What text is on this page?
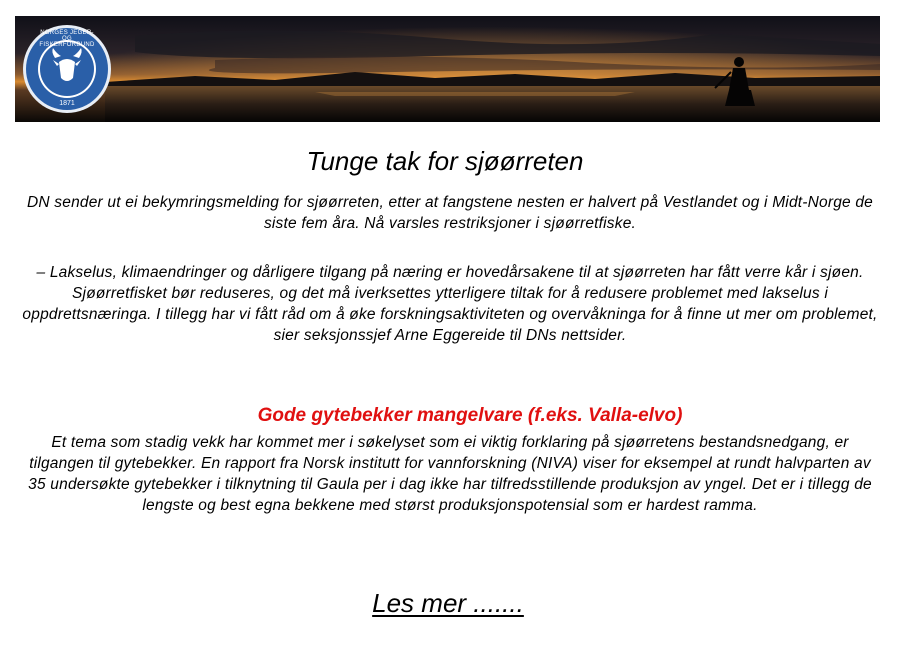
NORGES JEGER- OG FISKERFORBUND
1871
Tunge tak for sjøørreten

DN sender ut ei bekymringsmelding for sjøørreten, etter at fangstene nesten er halvert på Vestlandet og i Midt-Norge de siste fem åra. Nå varsles restriksjoner i sjøørretfiske.

– Lakselus, klimaendringer og dårligere tilgang på næring er hovedårsakene til at sjøørreten har fått verre kår i sjøen. Sjøørretfisket bør reduseres, og det må iverksettes ytterligere tiltak for å redusere problemet med lakselus i oppdrettsnæringa. I tillegg har vi fått råd om å øke forskningsaktiviteten og overvåkninga for å finne ut mer om problemet, sier seksjonssjef Arne Eggereide til DNs nettsider.

Gode gytebekker mangelvare (f.eks. Valla-elvo)

Et tema som stadig vekk har kommet mer i søkelyset som ei viktig forklaring på sjøørretens bestandsnedgang, er tilgangen til gytebekker. En rapport fra Norsk institutt for vannforskning (NIVA) viser for eksempel at rundt halvparten av 35 undersøkte gytebekker i tilknytning til Gaula per i dag ikke har tilfredsstillende produksjon av yngel. Det er i tillegg de lengste og best egna bekkene med størst produksjonspotensial som er hardest ramma.

Les mer .......
